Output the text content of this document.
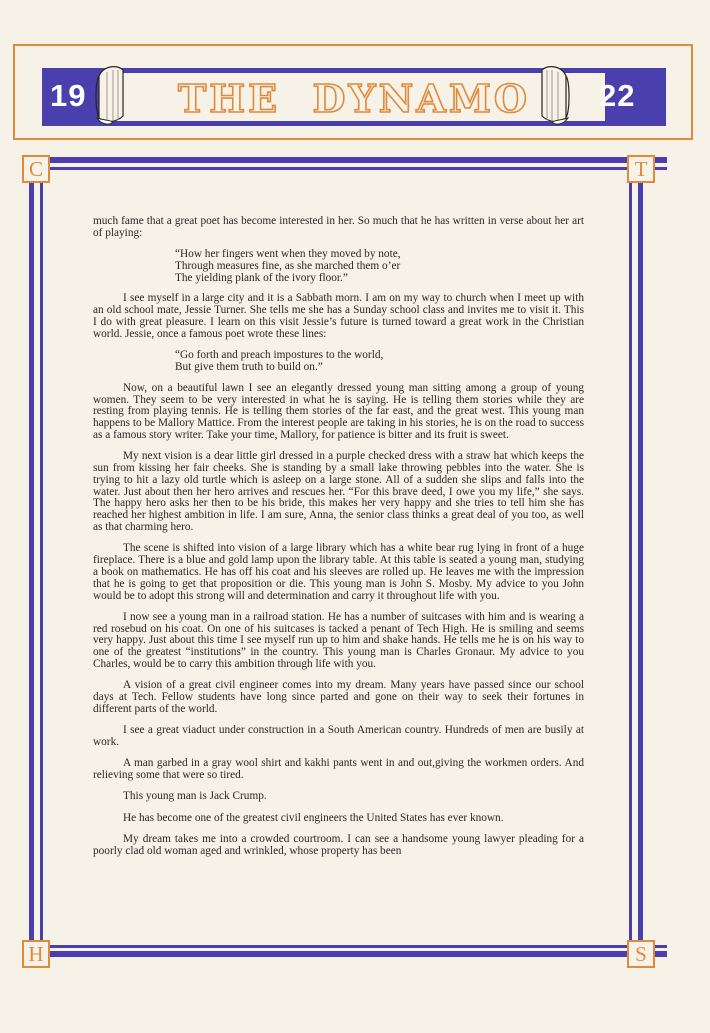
19	22
THE  DYNAMO
C	T
H	S

much fame that a great poet has become interested in her. So much that he has written in verse about her art of playing:

“How her fingers went when they moved by note,
Through measures fine, as she marched them o’er
The yielding plank of the ivory floor.”

I see myself in a large city and it is a Sabbath morn. I am on my way to church when I meet up with an old school mate, Jessie Turner. She tells me she has a Sunday school class and invites me to visit it. This I do with great pleasure. I learn on this visit Jessie’s future is turned toward a great work in the Christian world. Jessie, once a famous poet wrote these lines:

“Go forth and preach impostures to the world,
But give them truth to build on.”

Now, on a beautiful lawn I see an elegantly dressed young man sitting among a group of young women. They seem to be very interested in what he is saying. He is telling them stories while they are resting from playing tennis. He is telling them stories of the far east, and the great west. This young man happens to be Mallory Mattice. From the interest people are taking in his stories, he is on the road to success as a famous story writer. Take your time, Mallory, for patience is bitter and its fruit is sweet.

My next vision is a dear little girl dressed in a purple checked dress with a straw hat which keeps the sun from kissing her fair cheeks. She is standing by a small lake throwing pebbles into the water. She is trying to hit a lazy old turtle which is asleep on a large stone. All of a sudden she slips and falls into the water. Just about then her hero arrives and rescues her. “For this brave deed, I owe you my life,” she says. The happy hero asks her then to be his bride, this makes her very happy and she tries to tell him she has reached her highest ambition in life. I am sure, Anna, the senior class thinks a great deal of you too, as well as that charming hero.

The scene is shifted into vision of a large library which has a white bear rug lying in front of a huge fireplace. There is a blue and gold lamp upon the library table. At this table is seated a young man, studying a book on mathematics. He has off his coat and his sleeves are rolled up. He leaves me with the impression that he is going to get that proposition or die. This young man is John S. Mosby. My advice to you John would be to adopt this strong will and determination and carry it throughout life with you.

I now see a young man in a railroad station. He has a number of suitcases with him and is wearing a red rosebud on his coat. On one of his suitcases is tacked a penant of Tech High. He is smiling and seems very happy. Just about this time I see myself run up to him and shake hands. He tells me he is on his way to one of the greatest “institutions” in the country. This young man is Charles Gronaur. My advice to you Charles, would be to carry this ambition through life with you.

A vision of a great civil engineer comes into my dream. Many years have passed since our school days at Tech. Fellow students have long since parted and gone on their way to seek their fortunes in different parts of the world.

I see a great viaduct under construction in a South American country. Hundreds of men are busily at work.

A man garbed in a gray wool shirt and kakhi pants went in and out,giving the workmen orders. And relieving some that were so tired.

This young man is Jack Crump.

He has become one of the greatest civil engineers the United States has ever known.

My dream takes me into a crowded courtroom. I can see a handsome young lawyer pleading for a poorly clad old woman aged and wrinkled, whose property has been
